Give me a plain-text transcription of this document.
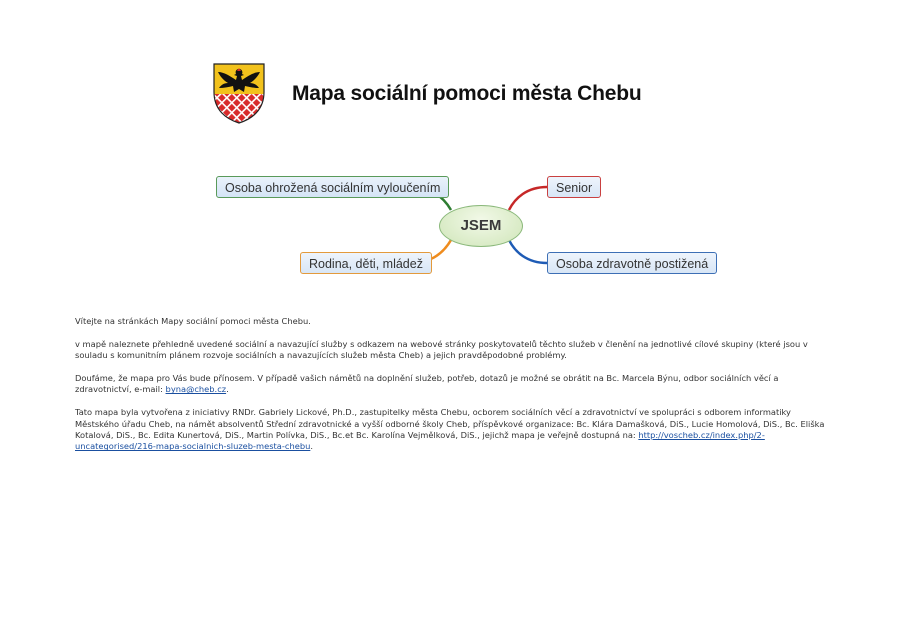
Mapa sociální pomoci města Chebu
Osoba ohrožená sociálním vyloučením	Senior
Rodina, děti, mládež	Osoba zdravotně postižená
JSEM

Vítejte na stránkách Mapy sociální pomoci města Chebu.

v mapě naleznete přehledně uvedené sociální a navazující služby s odkazem na webové stránky poskytovatelů těchto služeb v členění na jednotlivé cílové skupiny (které jsou v souladu s komunitním plánem rozvoje sociálních a navazujících služeb města Cheb) a jejich pravděpodobné problémy.

Doufáme, že mapa pro Vás bude přínosem. V případě vašich námětů na doplnění služeb, potřeb, dotazů je možné se obrátit na Bc. Marcela Býnu, odbor sociálních věcí a zdravotnictví, e-mail: byna@cheb.cz.

Tato mapa byla vytvořena z iniciativy RNDr. Gabriely Lickové, Ph.D., zastupitelky města Chebu, ocborem sociálních věcí a zdravotnictví ve spolupráci s odborem informatiky Městského úřadu Cheb, na námět absolventů Střední zdravotnické a vyšší odborné školy Cheb, příspěvkové organizace: Bc. Klára Damašková, DiS., Lucie Homolová, DiS., Bc. Eliška Kotalová, DiS., Bc. Edita Kunertová, DiS., Martin Polívka, DiS., Bc.et Bc. Karolína Vejmělková, DiS., jejichž mapa je veřejně dostupná na: http://voscheb.cz/index.php/2-uncategorised/216-mapa-socialnich-sluzeb-mesta-chebu.
